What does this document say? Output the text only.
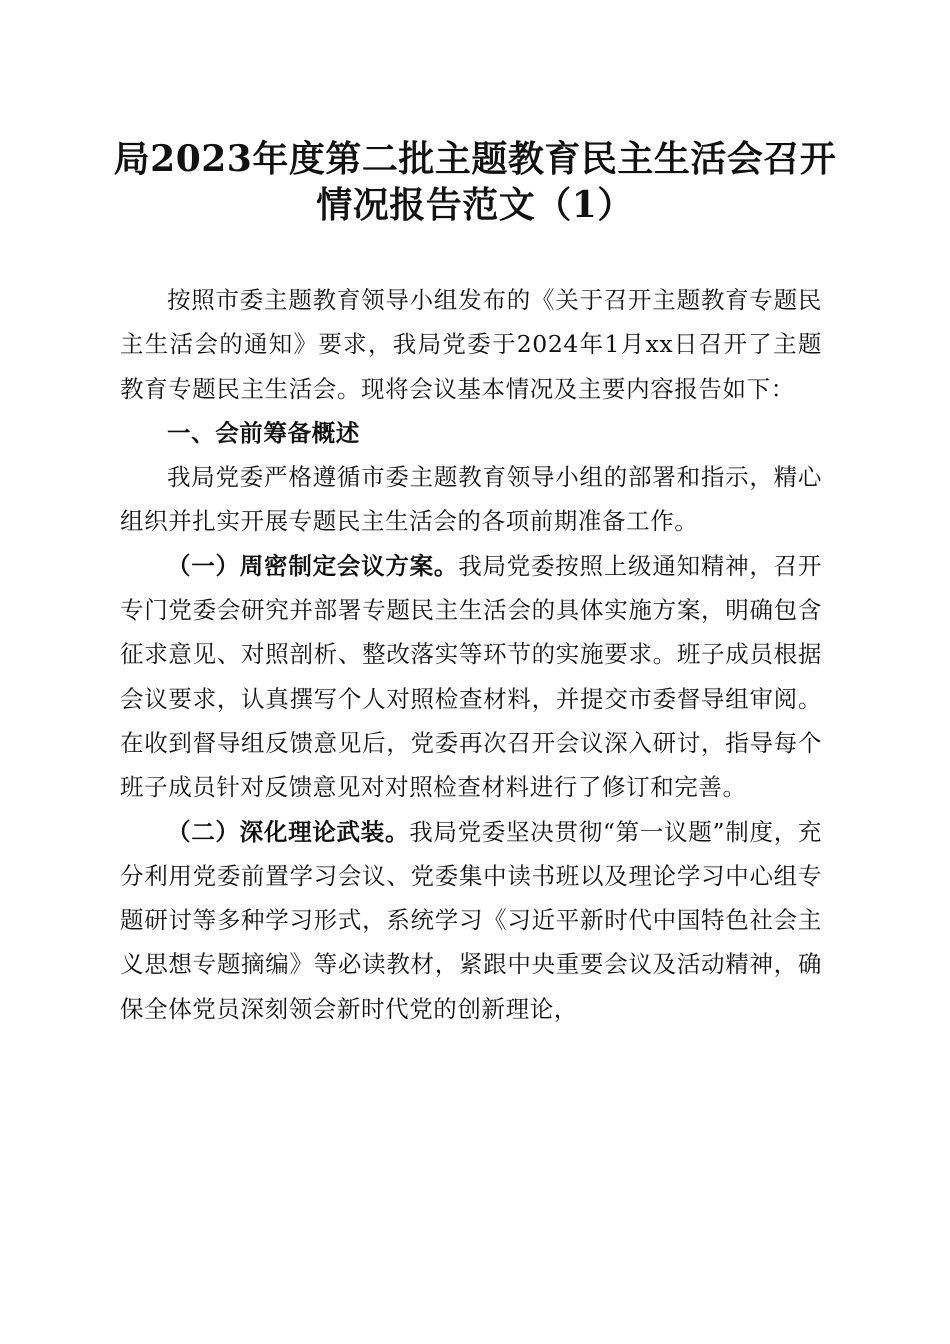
局2023年度第二批主题教育民主生活会召开
情况报告范文（1）

按照市委主题教育领导小组发布的《关于召开主题教育专题民主生活会的通知》要求，我局党委于2024年1月xx日召开了主题教育专题民主生活会。现将会议基本情况及主要内容报告如下：

一、会前筹备概述

我局党委严格遵循市委主题教育领导小组的部署和指示，精心组织并扎实开展专题民主生活会的各项前期准备工作。

（一）周密制定会议方案。我局党委按照上级通知精神，召开专门党委会研究并部署专题民主生活会的具体实施方案，明确包含征求意见、对照剖析、整改落实等环节的实施要求。班子成员根据会议要求，认真撰写个人对照检查材料，并提交市委督导组审阅。在收到督导组反馈意见后，党委再次召开会议深入研讨，指导每个班子成员针对反馈意见对对照检查材料进行了修订和完善。

（二）深化理论武装。我局党委坚决贯彻“第一议题”制度，充分利用党委前置学习会议、党委集中读书班以及理论学习中心组专题研讨等多种学习形式，系统学习《习近平新时代中国特色社会主义思想专题摘编》等必读教材，紧跟中央重要会议及活动精神，确保全体党员深刻领会新时代党的创新理论，
